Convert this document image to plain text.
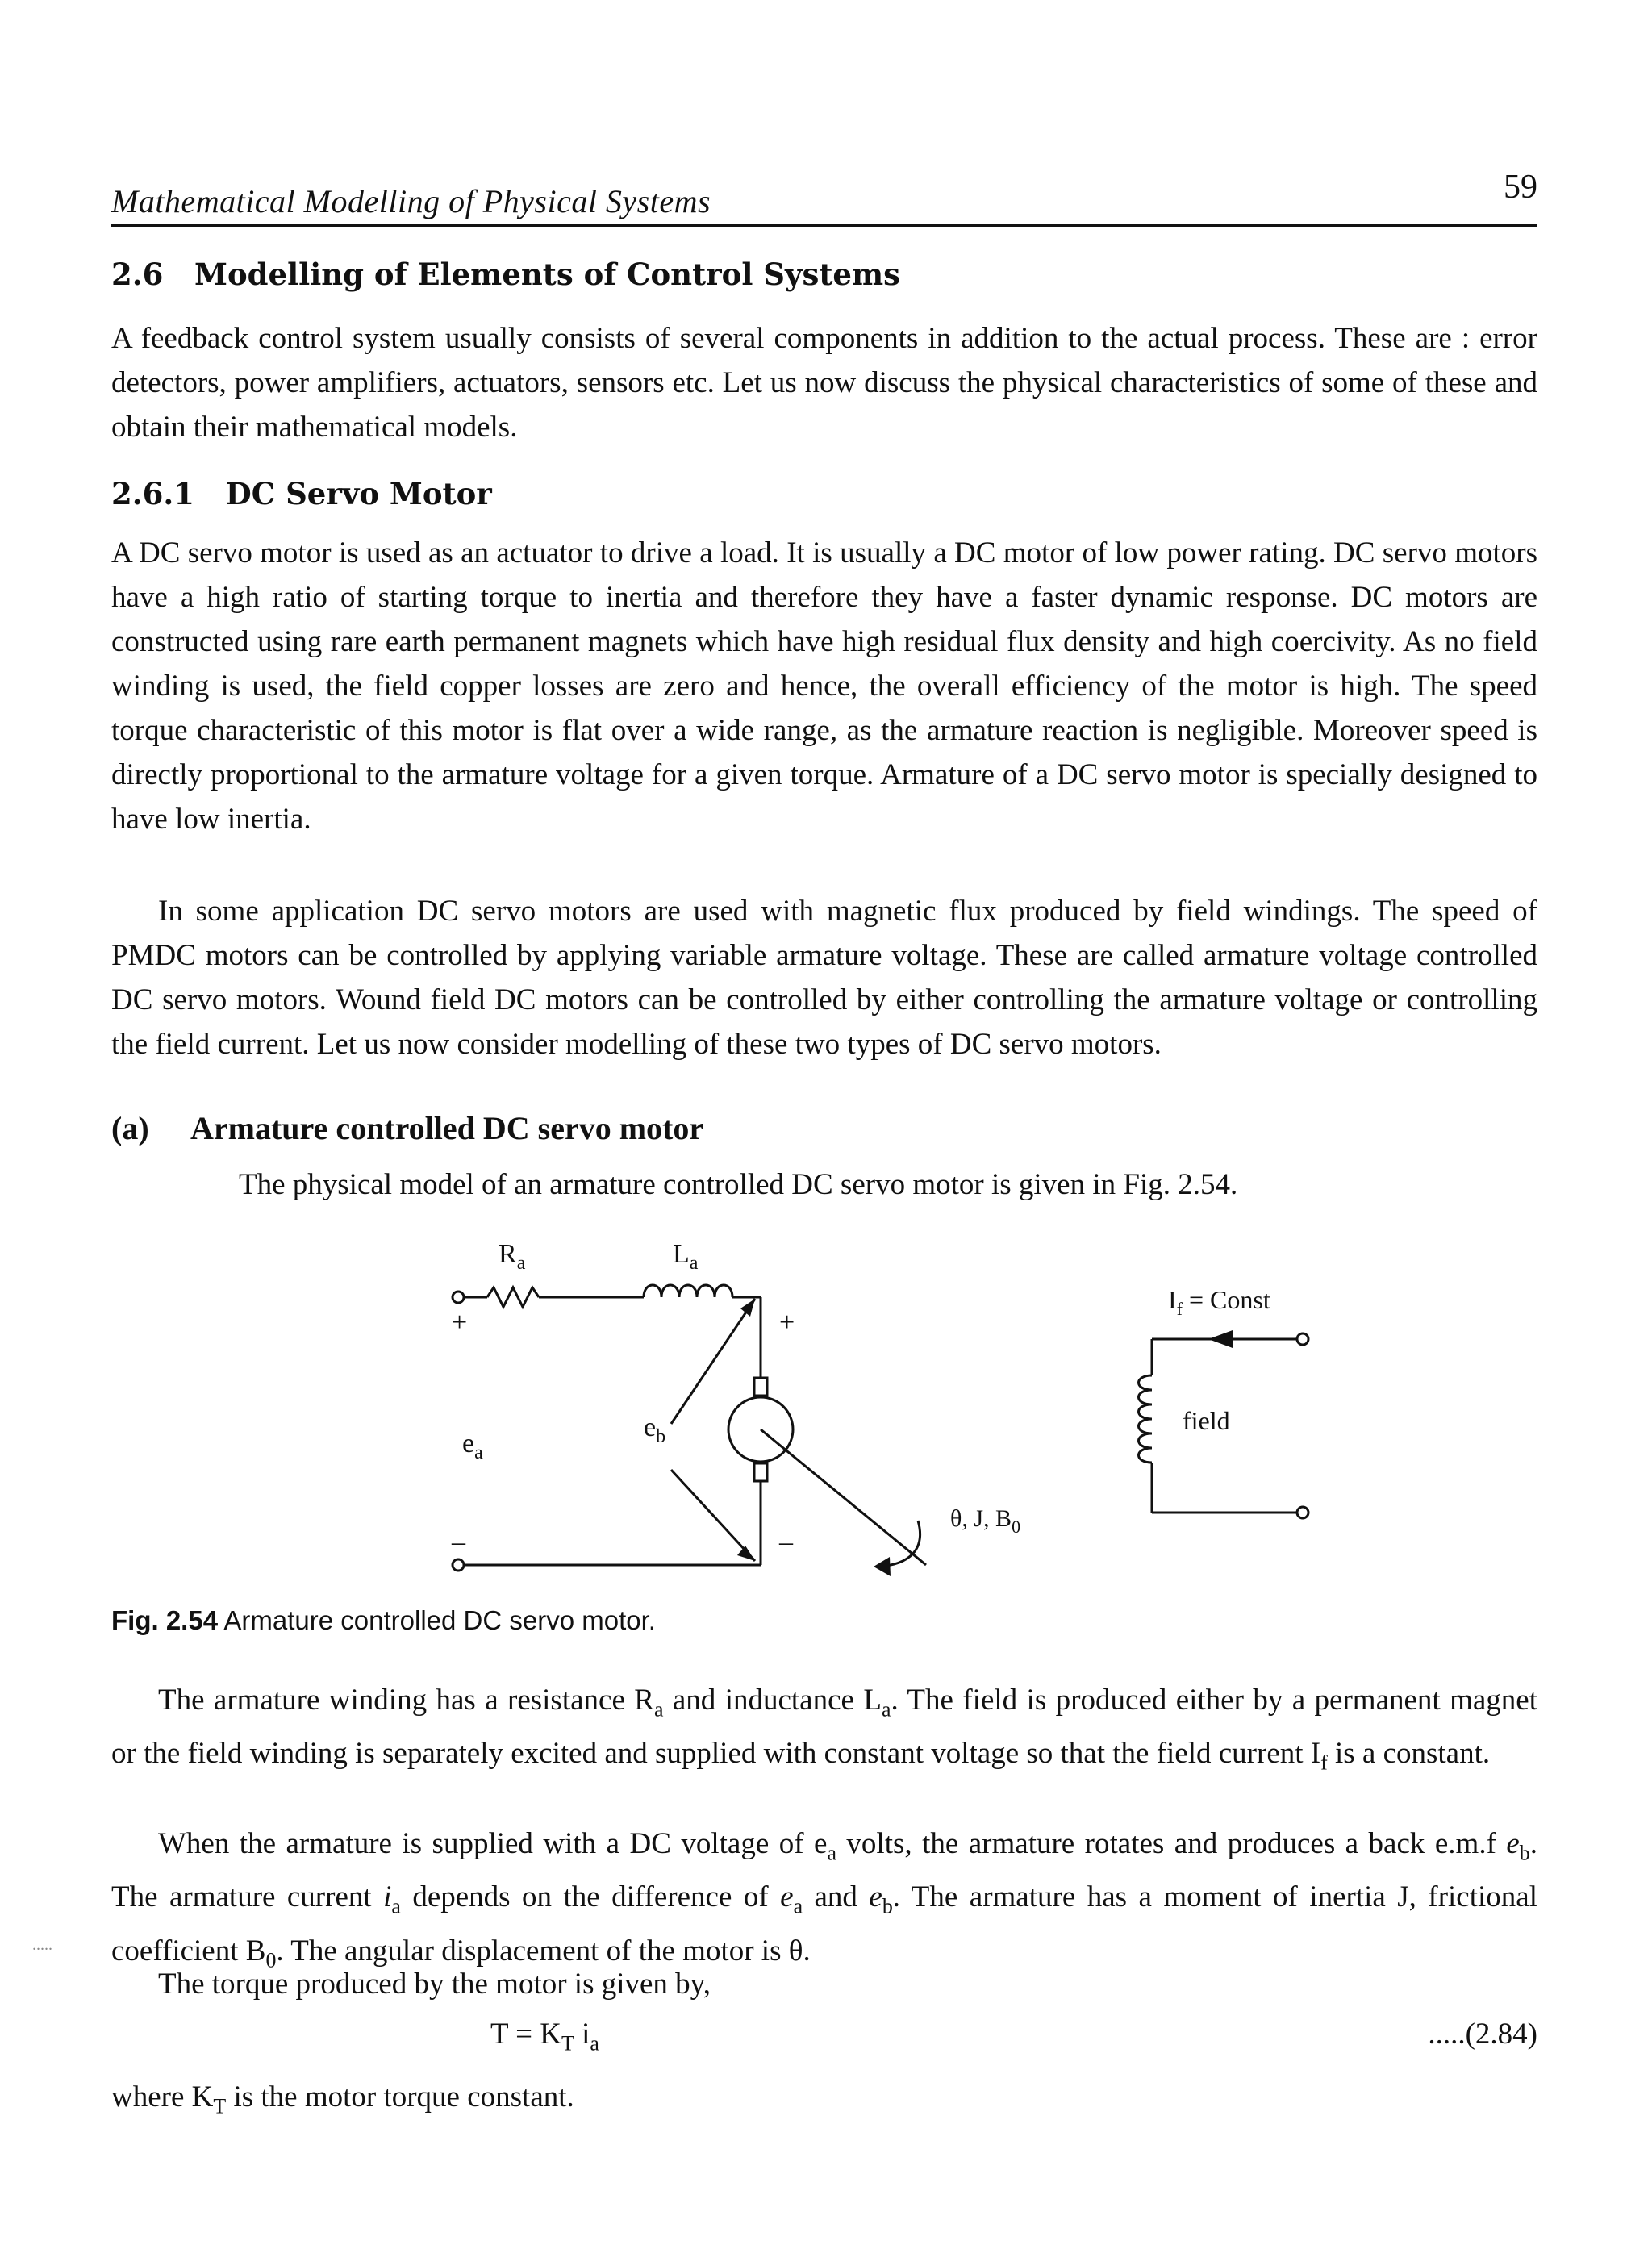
Mathematical Modelling of Physical Systems	59
2.6 Modelling of Elements of Control Systems

A feedback control system usually consists of several components in addition to the actual process. These are : error detectors, power amplifiers, actuators, sensors etc. Let us now discuss the physical characteristics of some of these and obtain their mathematical models.

2.6.1 DC Servo Motor

A DC servo motor is used as an actuator to drive a load. It is usually a DC motor of low power rating. DC servo motors have a high ratio of starting torque to inertia and therefore they have a faster dynamic response. DC motors are constructed using rare earth permanent magnets which have high residual flux density and high coercivity. As no field winding is used, the field copper losses are zero and hence, the overall efficiency of the motor is high. The speed torque characteristic of this motor is flat over a wide range, as the armature reaction is negligible. Moreover speed is directly proportional to the armature voltage for a given torque. Armature of a DC servo motor is specially designed to have low inertia.

In some application DC servo motors are used with magnetic flux produced by field windings. The speed of PMDC motors can be controlled by applying variable armature voltage. These are called armature voltage controlled DC servo motors. Wound field DC motors can be controlled by either controlling the armature voltage or controlling the field current. Let us now consider modelling of these two types of DC servo motors.

(a) Armature controlled DC servo motor
The physical model of an armature controlled DC servo motor is given in Fig. 2.54.
$R_a$	$L_a$
+	+
–	–
$e_a$
$e_b$
θ, J, $B_0$
$I_f$ = Const
field
Fig. 2.54 Armature controlled DC servo motor.

The armature winding has a resistance $R_a$ and inductance $L_a$. The field is produced either by a permanent magnet or the field winding is separately excited and supplied with constant voltage so that the field current $I_f$ is a constant.

When the armature is supplied with a DC voltage of $e_a$ volts, the armature rotates and produces a back e.m.f $e_b$. The armature current $i_a$ depends on the difference of $e_a$ and $e_b$. The armature has a moment of inertia J, frictional coefficient $B_0$. The angular displacement of the motor is θ.

The torque produced by the motor is given by,

$T = K_T$ $i_a$	.....(2.84)

where $K_T$ is the motor torque constant.

.....
